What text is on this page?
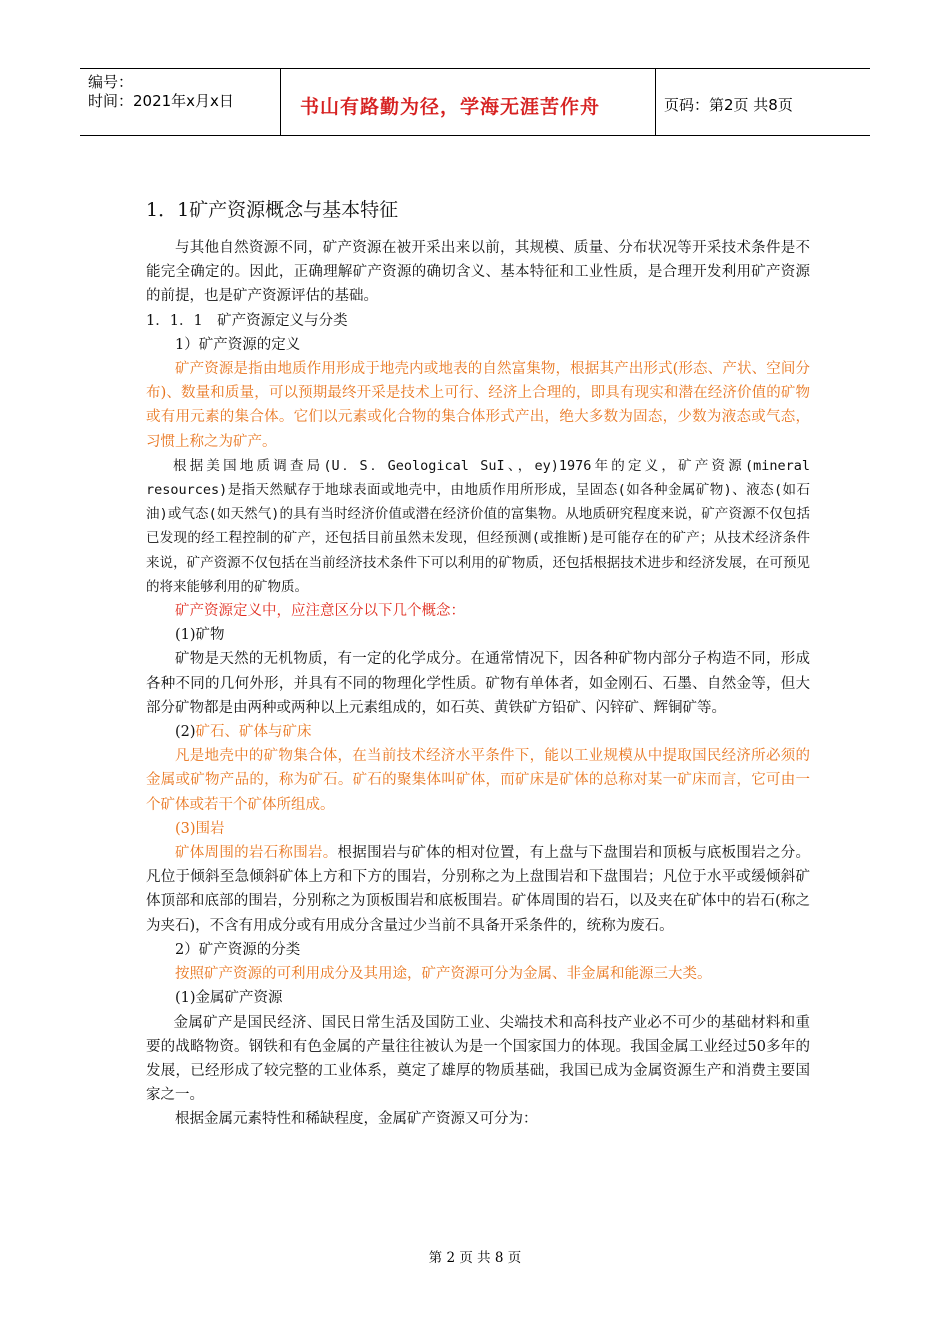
编号：
时间：2021年x月x日	书山有路勤为径，学海无涯苦作舟	页码：第2页 共8页

1．1矿产资源概念与基本特征

与其他自然资源不同，矿产资源在被开采出来以前，其规模、质量、分布状况等开采技术条件是不能完全确定的。因此，正确理解矿产资源的确切含义、基本特征和工业性质，是合理开发利用矿产资源的前提，也是矿产资源评估的基础。

1．1．1　矿产资源定义与分类

1）矿产资源的定义

矿产资源是指由地质作用形成于地壳内或地表的自然富集物，根据其产出形式(形态、产状、空间分布)、数量和质量，可以预期最终开采是技术上可行、经济上合理的，即具有现实和潜在经济价值的矿物或有用元素的集合体。它们以元素或化合物的集合体形式产出，绝大多数为固态，少数为液态或气态，习惯上称之为矿产。

根据美国地质调查局(U．S．Geological SuI、，ey)1976年的定义，矿产资源(mineral resources)是指天然赋存于地球表面或地壳中，由地质作用所形成，呈固态(如各种金属矿物)、液态(如石油)或气态(如天然气)的具有当时经济价值或潜在经济价值的富集物。从地质研究程度来说，矿产资源不仅包括已发现的经工程控制的矿产，还包括目前虽然未发现，但经预测(或推断)是可能存在的矿产；从技术经济条件来说，矿产资源不仅包括在当前经济技术条件下可以利用的矿物质，还包括根据技术进步和经济发展，在可预见的将来能够利用的矿物质。

矿产资源定义中，应注意区分以下几个概念：

(1)矿物

矿物是天然的无机物质，有一定的化学成分。在通常情况下，因各种矿物内部分子构造不同，形成各种不同的几何外形，并具有不同的物理化学性质。矿物有单体者，如金刚石、石墨、自然金等，但大部分矿物都是由两种或两种以上元素组成的，如石英、黄铁矿方铅矿、闪锌矿、辉铜矿等。

(2)矿石、矿体与矿床

凡是地壳中的矿物集合体，在当前技术经济水平条件下，能以工业规模从中提取国民经济所必须的金属或矿物产品的，称为矿石。矿石的聚集体叫矿体，而矿床是矿体的总称对某一矿床而言，它可由一个矿体或若干个矿体所组成。

(3)围岩

矿体周围的岩石称围岩。根据围岩与矿体的相对位置，有上盘与下盘围岩和顶板与底板围岩之分。凡位于倾斜至急倾斜矿体上方和下方的围岩，分别称之为上盘围岩和下盘围岩；凡位于水平或缓倾斜矿体顶部和底部的围岩，分别称之为顶板围岩和底板围岩。矿体周围的岩石，以及夹在矿体中的岩石(称之为夹石)，不含有用成分或有用成分含量过少当前不具备开采条件的，统称为废石。

2）矿产资源的分类

按照矿产资源的可利用成分及其用途，矿产资源可分为金属、非金属和能源三大类。

(1)金属矿产资源

金属矿产是国民经济、国民日常生活及国防工业、尖端技术和高科技产业必不可少的基础材料和重要的战略物资。钢铁和有色金属的产量往往被认为是一个国家国力的体现。我国金属工业经过50多年的发展，已经形成了较完整的工业体系，奠定了雄厚的物质基础，我国已成为金属资源生产和消费主要国家之一。

根据金属元素特性和稀缺程度，金属矿产资源又可分为：

第 2 页 共 8 页
